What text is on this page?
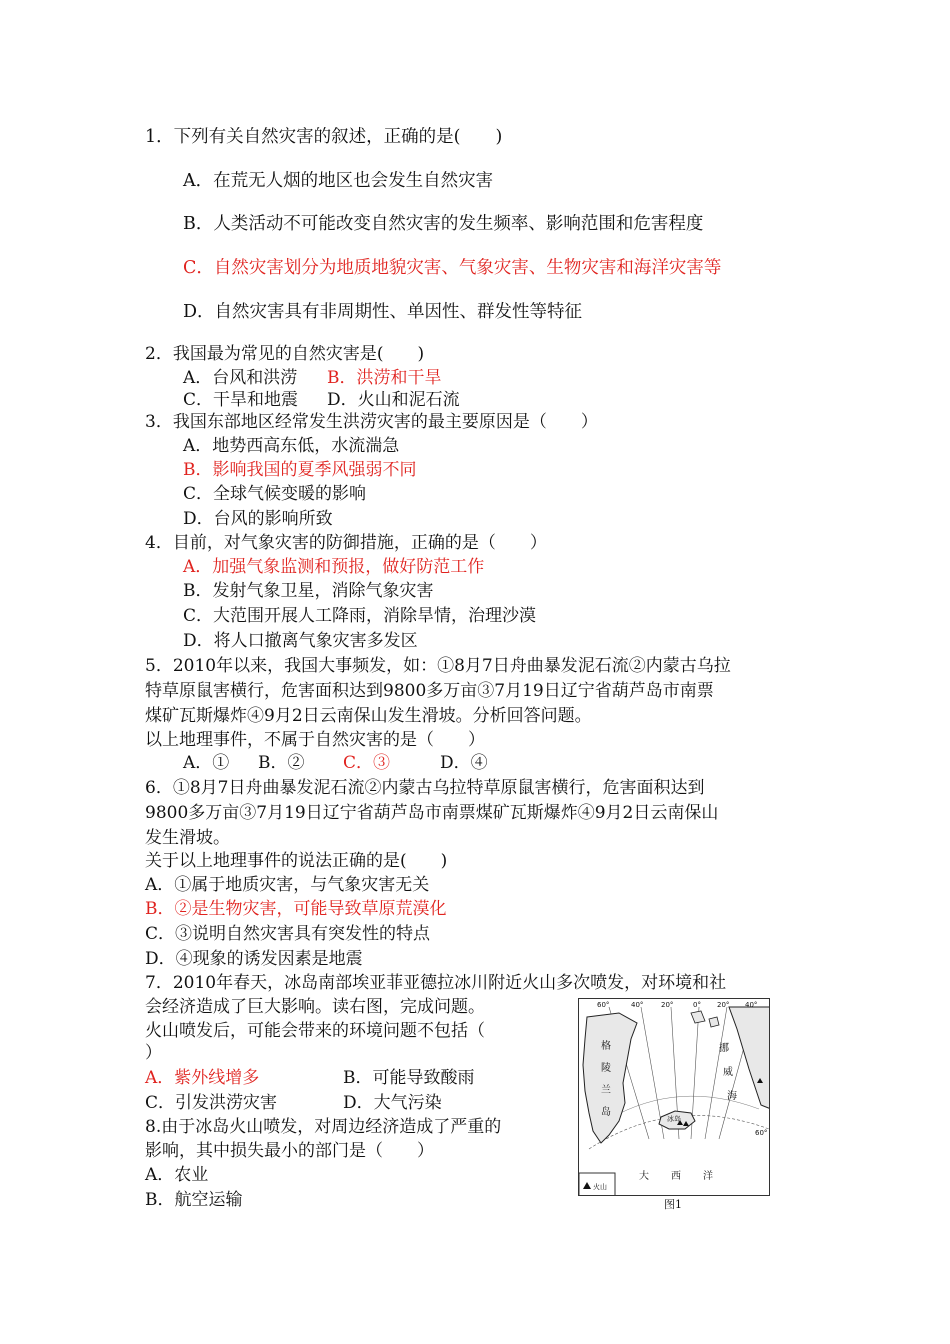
1．下列有关自然灾害的叙述，正确的是(　　)
A．在荒无人烟的地区也会发生自然灾害
B．人类活动不可能改变自然灾害的发生频率、影响范围和危害程度
C．自然灾害划分为地质地貌灾害、气象灾害、生物灾害和海洋灾害等
D．自然灾害具有非周期性、单因性、群发性等特征
2．我国最为常见的自然灾害是(　　)
A．台风和洪涝 B．洪涝和干旱
C．干旱和地震 D．火山和泥石流
3．我国东部地区经常发生洪涝灾害的最主要原因是（　　）
A．地势西高东低，水流湍急
B．影响我国的夏季风强弱不同
C．全球气候变暖的影响
D．台风的影响所致
4．目前，对气象灾害的防御措施，正确的是（　　）
A．加强气象监测和预报，做好防范工作
B．发射气象卫星，消除气象灾害
C．大范围开展人工降雨，消除旱情，治理沙漠
D．将人口撤离气象灾害多发区
5．2010年以来，我国大事频发，如：①8月7日舟曲暴发泥石流②内蒙古乌拉
特草原鼠害横行，危害面积达到9800多万亩③7月19日辽宁省葫芦岛市南票
煤矿瓦斯爆炸④9月2日云南保山发生滑坡。分析回答问题。
以上地理事件，不属于自然灾害的是（　　）
A．① B．② C．③	D．④
6．①8月7日舟曲暴发泥石流②内蒙古乌拉特草原鼠害横行，危害面积达到
9800多万亩③7月19日辽宁省葫芦岛市南票煤矿瓦斯爆炸④9月2日云南保山
发生滑坡。
关于以上地理事件的说法正确的是(　　)
A．①属于地质灾害，与气象灾害无关
B．②是生物灾害，可能导致草原荒漠化
C．③说明自然灾害具有突发性的特点
D．④现象的诱发因素是地震
7．2010年春天，冰岛南部埃亚菲亚德拉冰川附近火山多次喷发，对环境和社
会经济造成了巨大影响。读右图，完成问题。
火山喷发后，可能会带来的环境问题不包括（
）
A．紫外线增多	B．可能导致酸雨
C．引发洪涝灾害	D．大气污染
8.由于冰岛火山喷发，对周边经济造成了严重的
影响，其中损失最小的部门是（　　）
A．农业
B．航空运输
格
陵
兰
岛
挪
威
海
冰岛
大 西 洋
火山
60°	40°	20°	0° 20° 40°
60°
图1
